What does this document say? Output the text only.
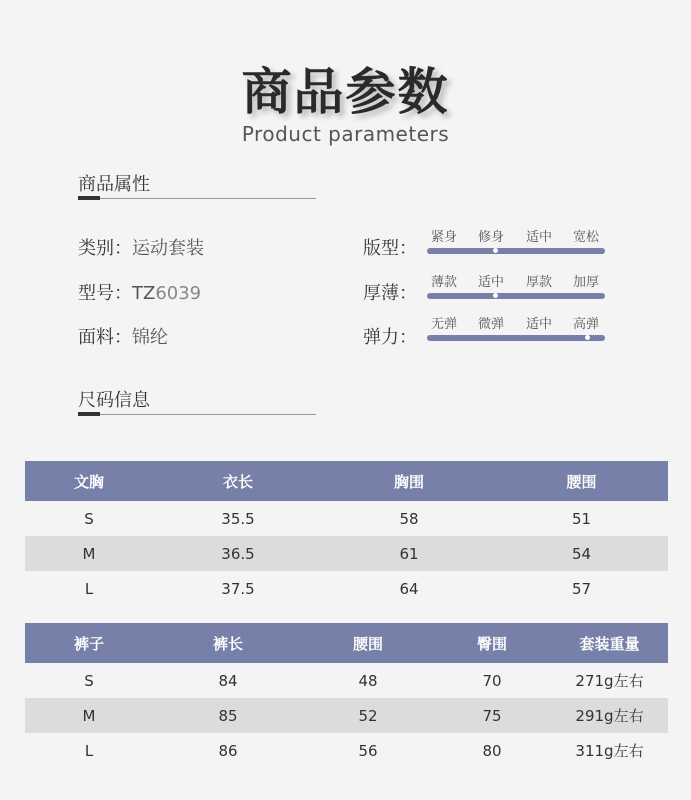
商品参数
Product parameters
商品属性
类别：运动套装
型号：TZ6039
面料：锦纶
版型：
紧身 修身 适中 宽松
厚薄：
薄款 适中 厚款 加厚
弹力：
无弹 微弹 适中 高弹
尺码信息
文胸	衣长	胸围	腰围
S	35.5	58	51
M	36.5	61	54
L	37.5	64	57
裤子	裤长	腰围	臀围	套装重量
S	84	48	70	271g左右
M	85	52	75	291g左右
L	86	56	80	311g左右
